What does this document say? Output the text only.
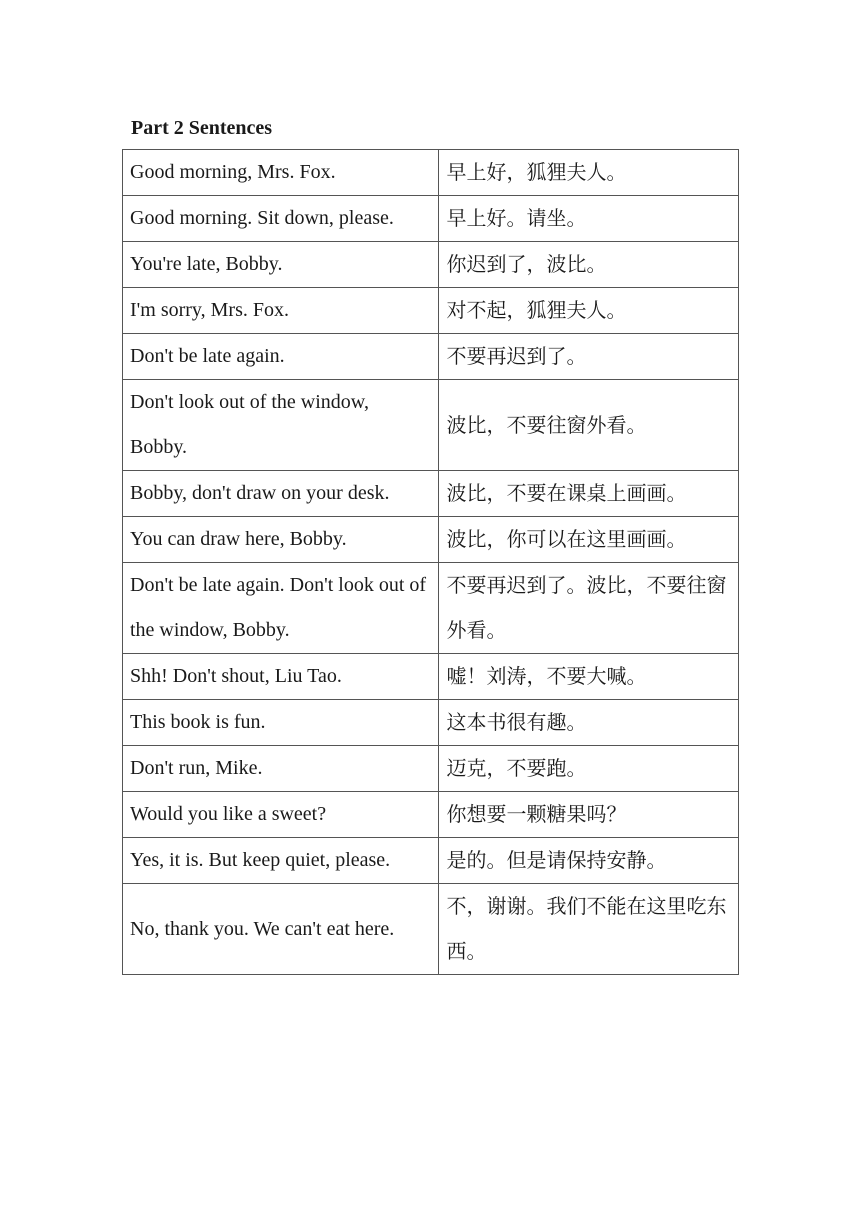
Part 2 Sentences
Good morning, Mrs. Fox.	早上好，狐狸夫人。
Good morning. Sit down, please.	早上好。请坐。
You're late, Bobby.	你迟到了，波比。
I'm sorry, Mrs. Fox.	对不起，狐狸夫人。
Don't be late again.	不要再迟到了。
Don't look out of the window, Bobby.	波比，不要往窗外看。
Bobby, don't draw on your desk.	波比，不要在课桌上画画。
You can draw here, Bobby.	波比，你可以在这里画画。
Don't be late again. Don't look out of the window, Bobby.	不要再迟到了。波比，不要往窗外看。
Shh! Don't shout, Liu Tao.	嘘！刘涛，不要大喊。
This book is fun.	这本书很有趣。
Don't run, Mike.	迈克，不要跑。
Would you like a sweet?	你想要一颗糖果吗？
Yes, it is. But keep quiet, please.	是的。但是请保持安静。
No, thank you. We can't eat here.	不，谢谢。我们不能在这里吃东西。
